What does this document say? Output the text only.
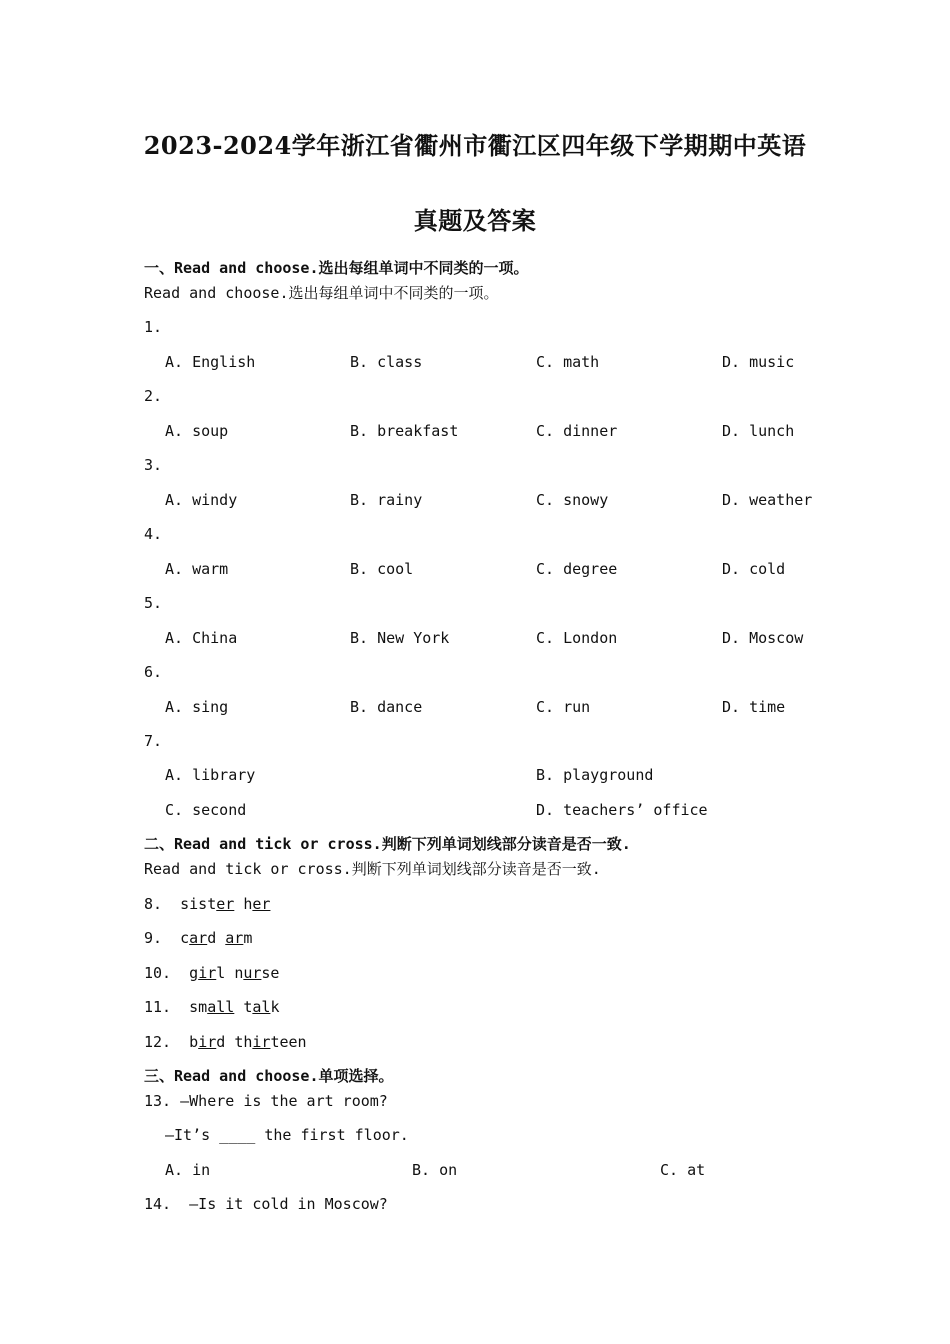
2023-2024学年浙江省衢州市衢江区四年级下学期期中英语
真题及答案
一、Read and choose.选出每组单词中不同类的一项。
Read and choose.选出每组单词中不同类的一项。
1.
A. English	B. class	C. math	D. music
2.
A. soup	B. breakfast	C. dinner	D. lunch
3.
A. windy	B. rainy	C. snowy	D. weather
4.
A. warm	B. cool	C. degree	D. cold
5.
A. China	B. New York	C. London	D. Moscow
6.
A. sing	B. dance	C. run	D. time
7.
A. library	B. playground
C. second	D. teachers’ office
二、Read and tick or cross.判断下列单词划线部分读音是否一致.
Read and tick or cross.判断下列单词划线部分读音是否一致.
8. sister her
9. card arm
10. girl nurse
11. small talk
12. bird thirteen
三、Read and choose.单项选择。
13. —Where is the art room?
—It’s ____ the first floor.
A. in	B. on	C. at
14.  —Is it cold in Moscow?
